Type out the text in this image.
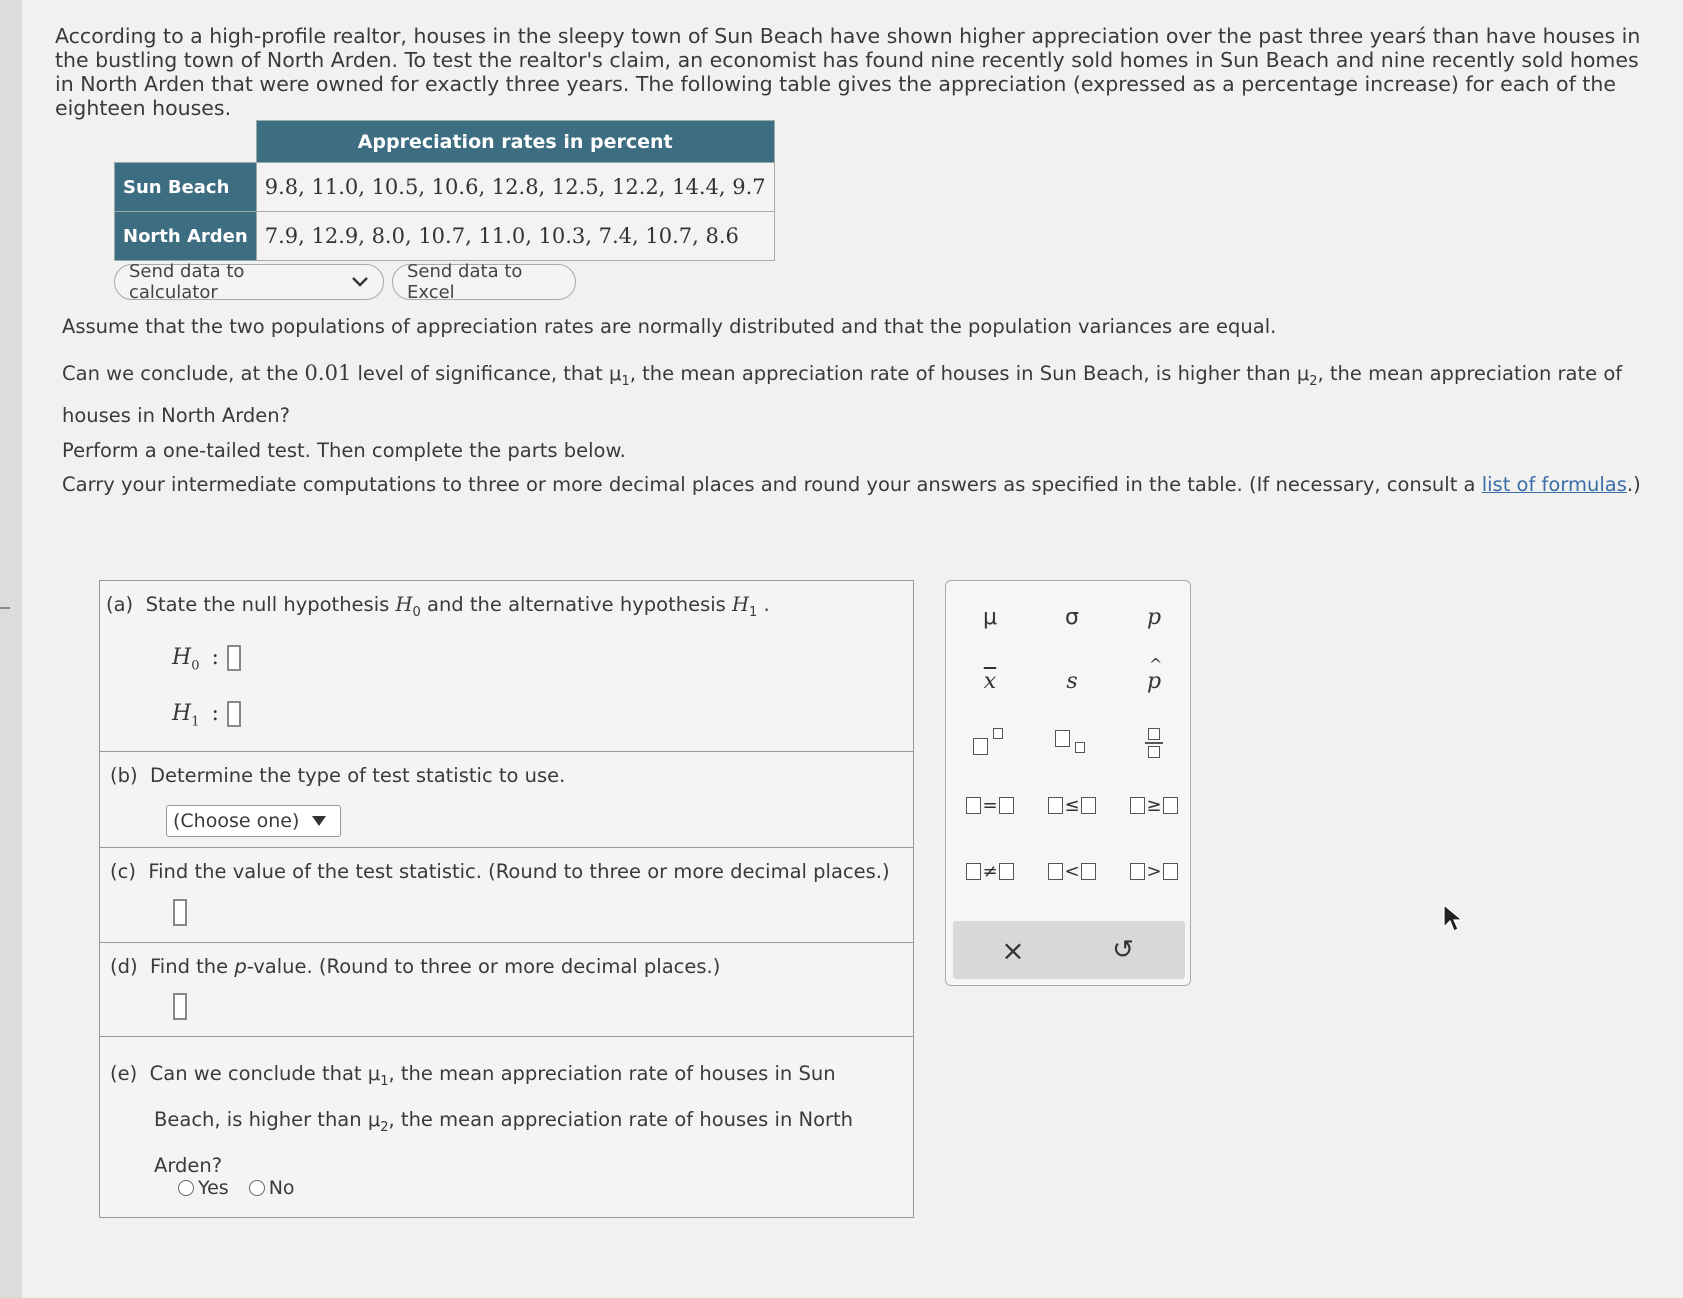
According to a high-profile realtor, houses in the sleepy town of Sun Beach have shown higher appreciation over the past three yearś than have houses in the bustling town of North Arden. To test the realtor's claim, an economist has found nine recently sold homes in Sun Beach and nine recently sold homes in North Arden that were owned for exactly three years. The following table gives the appreciation (expressed as a percentage increase) for each of the eighteen houses.

	Appreciation rates in percent
Sun Beach	9.8, 11.0, 10.5, 10.6, 12.8, 12.5, 12.2, 14.4, 9.7
North Arden	7.9, 12.9, 8.0, 10.7, 11.0, 10.3, 7.4, 10.7, 8.6
Send data to calculator
Send data to Excel

Assume that the two populations of appreciation rates are normally distributed and that the population variances are equal.

Can we conclude, at the 0.01 level of significance, that $\mu_1$, the mean appreciation rate of houses in Sun Beach, is higher than $\mu_2$, the mean appreciation rate of houses in North Arden?

Perform a one-tailed test. Then complete the parts below.

Carry your intermediate computations to three or more decimal places and round your answers as specified in the table. (If necessary, consult a list of formulas.)

(a) State the null hypothesis $H_0$ and the alternative hypothesis $H_1$ .
$H_0$ :
$H_1$ :
(b) Determine the type of test statistic to use.
(Choose one)
(c) Find the value of the test statistic. (Round to three or more decimal places.)
(d) Find the p-value. (Round to three or more decimal places.)
(e) Can we conclude that $\mu_1$, the mean appreciation rate of houses in Sun
Beach, is higher than $\mu_2$, the mean appreciation rate of houses in North
Arden?
Yes
No
μ	σ	p
$\overline{x}$	s
^
p
=	≤	≥
≠	<	>
×	↺
